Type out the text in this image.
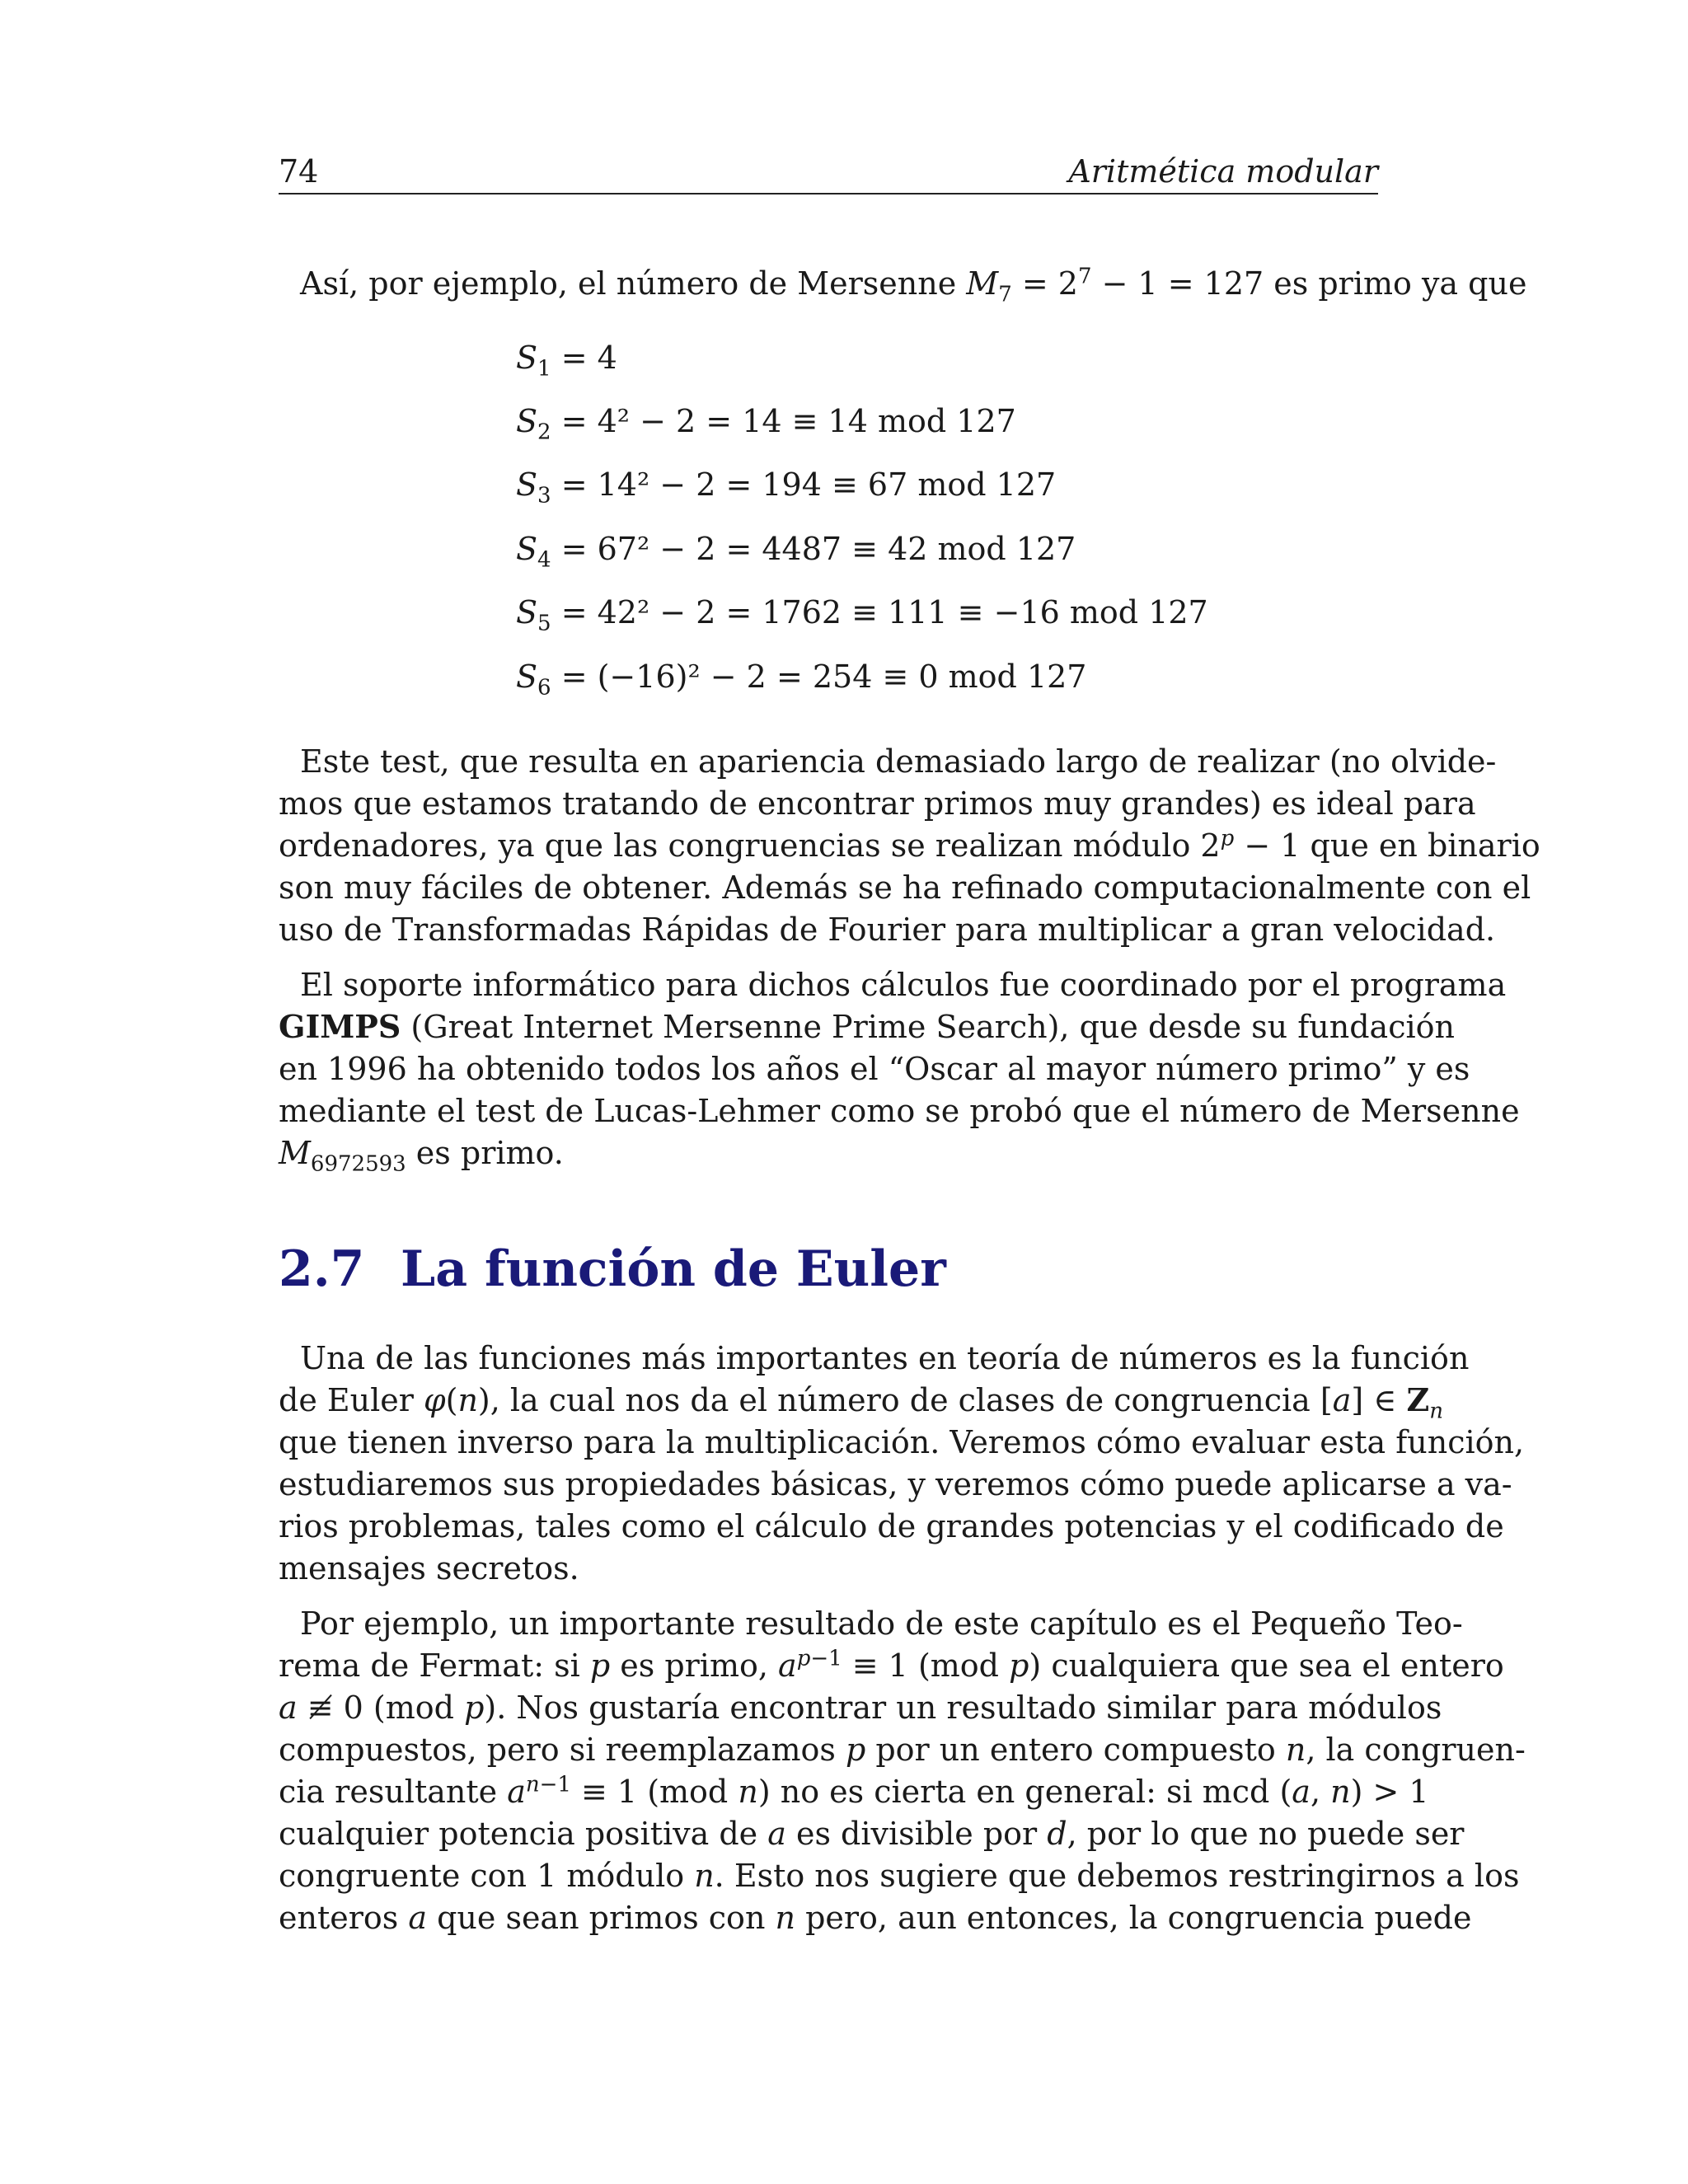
74	Aritmética modular
Así, por ejemplo, el número de Mersenne $M_7 = 2^7 - 1 = 127$ es primo ya que
$S_1 = 4$
$S_2 = 4^2 - 2 = 14 \equiv 14$ mod 127
$S_3 = 14^2 - 2 = 194 \equiv 67$ mod 127
$S_4 = 67^2 - 2 = 4487 \equiv 42$ mod 127
$S_5 = 42^2 - 2 = 1762 \equiv 111 \equiv -16$ mod 127
$S_6 = (-16)^2 - 2 = 254 \equiv 0$ mod 127
Este test, que resulta en apariencia demasiado largo de realizar (no olvide-
mos que estamos tratando de encontrar primos muy grandes) es ideal para
ordenadores, ya que las congruencias se realizan módulo $2^p - 1$ que en binario
son muy fáciles de obtener. Además se ha refinado computacionalmente con el
uso de Transformadas Rápidas de Fourier para multiplicar a gran velocidad.
El soporte informático para dichos cálculos fue coordinado por el programa
GIMPS (Great Internet Mersenne Prime Search), que desde su fundación
en 1996 ha obtenido todos los años el “Oscar al mayor número primo” y es
mediante el test de Lucas-Lehmer como se probó que el número de Mersenne
$M_{6972593}$ es primo.
2.7 La función de Euler
Una de las funciones más importantes en teoría de números es la función
de Euler φ(n), la cual nos da el número de clases de congruencia [a] ∈ $Z_n$
que tienen inverso para la multiplicación. Veremos cómo evaluar esta función,
estudiaremos sus propiedades básicas, y veremos cómo puede aplicarse a va-
rios problemas, tales como el cálculo de grandes potencias y el codificado de
mensajes secretos.
Por ejemplo, un importante resultado de este capítulo es el Pequeño Teo-
rema de Fermat: si p es primo, $a^{p-1} \equiv 1$ (mod p) cualquiera que sea el entero
a ≢ 0 (mod p). Nos gustaría encontrar un resultado similar para módulos
compuestos, pero si reemplazamos p por un entero compuesto n, la congruen-
cia resultante $a^{n-1} \equiv 1$ (mod n) no es cierta en general: si mcd (a, n) > 1
cualquier potencia positiva de a es divisible por d, por lo que no puede ser
congruente con 1 módulo n. Esto nos sugiere que debemos restringirnos a los
enteros a que sean primos con n pero, aun entonces, la congruencia puede
